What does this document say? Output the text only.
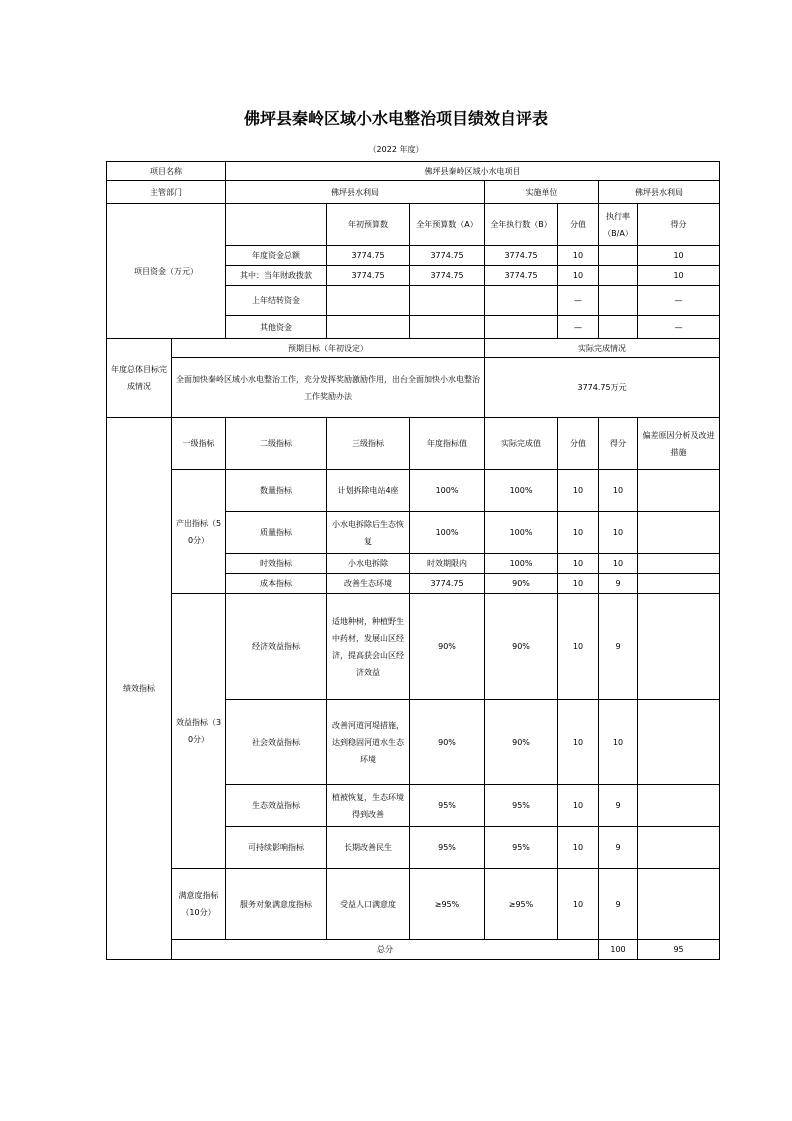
佛坪县秦岭区域小水电整治项目绩效自评表
（2022 年度）
项目名称		佛坪县秦岭区域小水电项目							
主管部门		佛坪县水利局			实施单位		佛坪县水利局		
项目资金（万元）			年初预算数	全年预算数（A）	全年执行数（B）	分值	执行率（B/A）	得分	
		年度资金总额	3774.75	3774.75	3774.75	10		10	
		其中：当年财政拨款	3774.75	3774.75	3774.75	10		10	
		上年结转资金				—		—	
		其他资金				—		—	
年度总体目标完成情况	预期目标（年初设定）				实际完成情况				
	全面加快秦岭区域小水电整治工作，充分发挥奖励激励作用，出台全面加快小水电整治工作奖励办法				3774.75万元				

绩效指标	一级指标	二级指标	三级指标	年度指标值	实际完成值	分值	得分	偏差原因分析及改进措施	
	产出指标（50分）	数量指标	计划拆除电站4座	100%	100%	10	10		
		质量指标	小水电拆除后生态恢复	100%	100%	10	10		
		时效指标	小水电拆除	时效期限内	100%	10	10		
		成本指标	改善生态环境	3774.75	90%	10	9		
	效益指标（30分）	经济效益指标	适地种树，种植野生中药材，发展山区经济，提高获会山区经济效益	90%	90%	10	9		
		社会效益指标	改善河道河堤措施，达到稳固河道水生态环境	90%	90%	10	10		
		生态效益指标	植被恢复，生态环境得到改善	95%	95%	10	9		
		可持续影响指标	长期改善民生	95%	95%	10	9		
	满意度指标（10分）	服务对象满意度指标	受益人口满意度	≥95%	≥95%	10	9		
	总分						100	95	
